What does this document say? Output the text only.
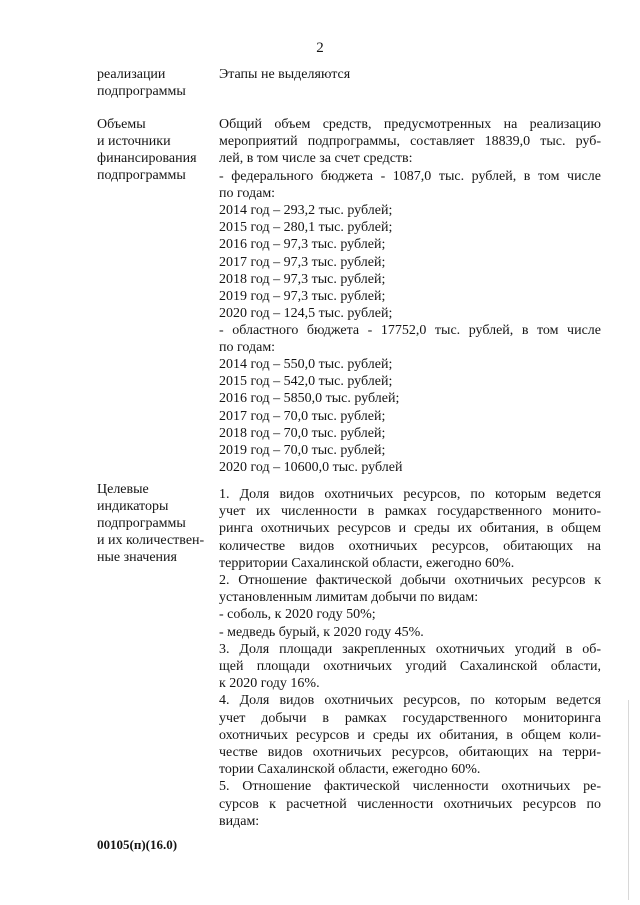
2
реализации
подпрограммы
Этапы не выделяются
Объемы
и источники
финансирования
подпрограммы
Общий объем средств, предусмотренных на реализацию
мероприятий подпрограммы, составляет 18839,0 тыс. руб-
лей, в том числе за счет средств:
- федерального бюджета - 1087,0 тыс. рублей, в том числе
по годам:
2014 год – 293,2 тыс. рублей;
2015 год – 280,1 тыс. рублей;
2016 год – 97,3 тыс. рублей;
2017 год – 97,3 тыс. рублей;
2018 год – 97,3 тыс. рублей;
2019 год – 97,3 тыс. рублей;
2020 год – 124,5 тыс. рублей;
- областного бюджета - 17752,0 тыс. рублей, в том числе
по годам:
2014 год – 550,0 тыс. рублей;
2015 год – 542,0 тыс. рублей;
2016 год – 5850,0 тыс. рублей;
2017 год – 70,0 тыс. рублей;
2018 год – 70,0 тыс. рублей;
2019 год – 70,0 тыс. рублей;
2020 год – 10600,0 тыс. рублей
Целевые
индикаторы
подпрограммы
и их количествен-
ные значения
1. Доля видов охотничьих ресурсов, по которым ведется
учет их численности в рамках государственного монито-
ринга охотничьих ресурсов и среды их обитания, в общем
количестве видов охотничьих ресурсов, обитающих на
территории Сахалинской области, ежегодно 60%.
2. Отношение фактической добычи охотничьих ресурсов к
установленным лимитам добычи по видам:
- соболь, к 2020 году 50%;
- медведь бурый, к 2020 году 45%.
3. Доля площади закрепленных охотничьих угодий в об-
щей площади охотничьих угодий Сахалинской области,
к 2020 году 16%.
4. Доля видов охотничьих ресурсов, по которым ведется
учет добычи в рамках государственного мониторинга
охотничьих ресурсов и среды их обитания, в общем коли-
честве видов охотничьих ресурсов, обитающих на терри-
тории Сахалинской области, ежегодно 60%.
5. Отношение фактической численности охотничьих ре-
сурсов к расчетной численности охотничьих ресурсов по
видам:
00105(п)(16.0)
